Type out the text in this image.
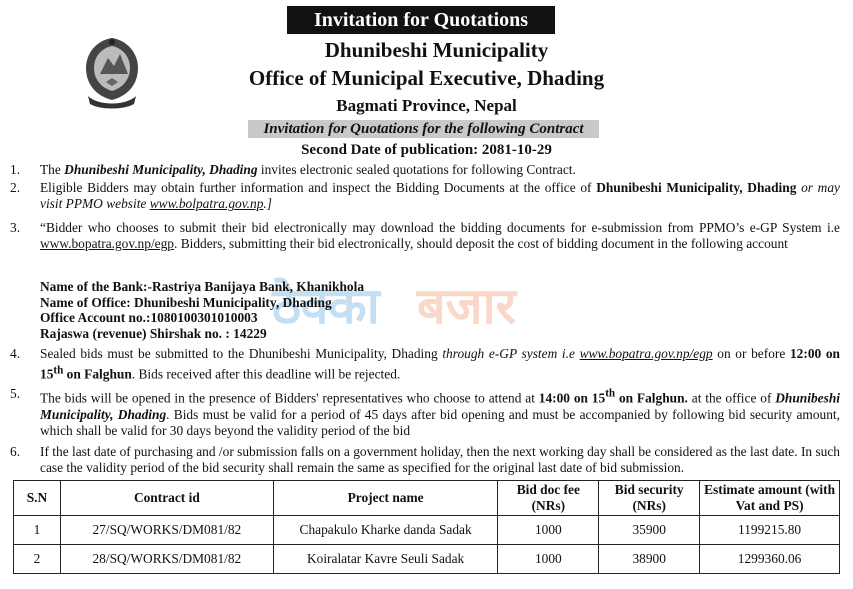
Invitation for Quotations
Dhunibeshi Municipality
Office of Municipal Executive, Dhading
Bagmati Province, Nepal
Invitation for Quotations for the following Contract
Second Date of publication: 2081-10-29
ठेक्का बजार
1. The Dhunibeshi Municipality, Dhading invites electronic sealed quotations for following Contract.
2. Eligible Bidders may obtain further information and inspect the Bidding Documents at the office of Dhunibeshi Municipality, Dhading or may visit PPMO website www.bolpatra.gov.np.]
3. “Bidder who chooses to submit their bid electronically may download the bidding documents for e-submission from PPMO’s e-GP System i.e www.bopatra.gov.np/egp. Bidders, submitting their bid electronically, should deposit the cost of bidding document in the following account
Name of the Bank:-Rastriya Banijaya Bank, Khanikhola
Name of Office: Dhunibeshi Municipality, Dhading
Office Account no.:1080100301010003
Rajaswa (revenue) Shirshak no. : 14229
4. Sealed bids must be submitted to the Dhunibeshi Municipality, Dhading through e-GP system i.e www.bopatra.gov.np/egp on or before 12:00 on 15th on Falghun. Bids received after this deadline will be rejected.
5. The bids will be opened in the presence of Bidders' representatives who choose to attend at 14:00 on 15th on Falghun. at the office of Dhunibeshi Municipality, Dhading. Bids must be valid for a period of 45 days after bid opening and must be accompanied by following bid security amount, which shall be valid for 30 days beyond the validity period of the bid
6. If the last date of purchasing and /or submission falls on a government holiday, then the next working day shall be considered as the last date. In such case the validity period of the bid security shall remain the same as specified for the original last date of bid submission.
S.N	Contract id	Project name	Bid doc fee (NRs)	Bid security (NRs)	Estimate amount (with Vat and PS)
1	27/SQ/WORKS/DM081/82	Chapakulo Kharke danda Sadak	1000	35900	1199215.80
2	28/SQ/WORKS/DM081/82	Koiralatar Kavre Seuli Sadak	1000	38900	1299360.06
